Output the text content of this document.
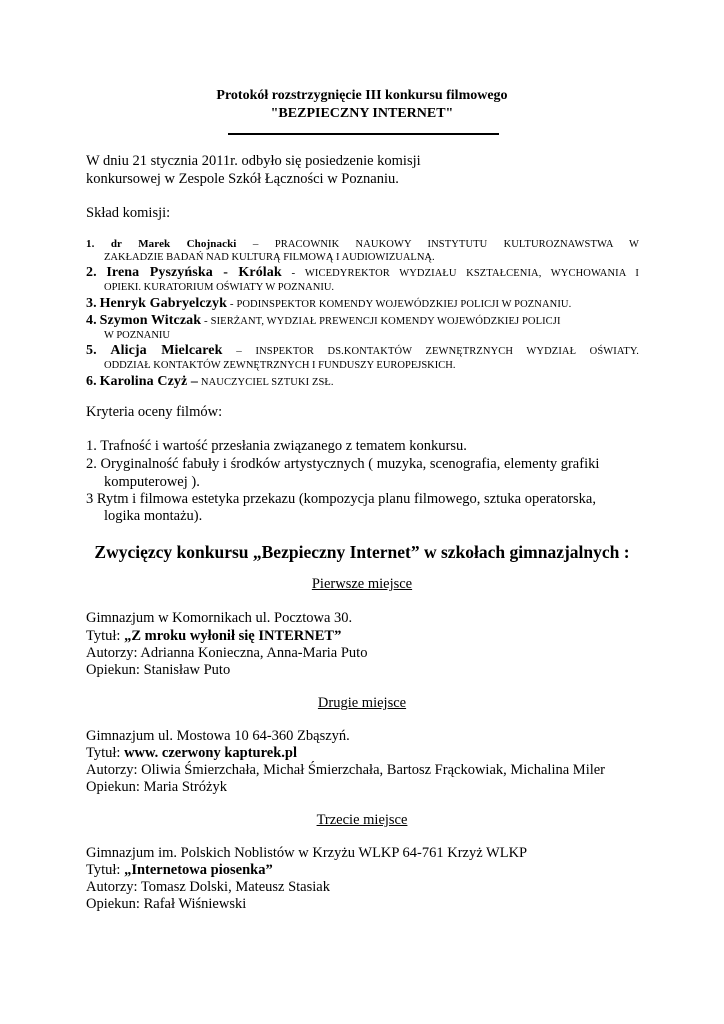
Protokół rozstrzygnięcie III konkursu filmowego

"BEZPIECZNY INTERNET"

W dniu 21 stycznia 2011r. odbyło się posiedzenie komisji

konkursowej w Zespole Szkół Łączności w Poznaniu.

Skład komisji:

1. dr Marek Chojnacki – PRACOWNIK NAUKOWY INSTYTUTU KULTUROZNAWSTWA W

ZAKŁADZIE BADAŃ NAD KULTURĄ FILMOWĄ I AUDIOWIZUALNĄ.

2. Irena Pyszyńska - Królak - WICEDYREKTOR WYDZIAŁU KSZTAŁCENIA, WYCHOWANIA I

OPIEKI. KURATORIUM OŚWIATY W POZNANIU.

3. Henryk Gabryelczyk - PODINSPEKTOR KOMENDY WOJEWÓDZKIEJ POLICJI W POZNANIU.

4. Szymon Witczak - SIERŻANT, WYDZIAŁ PREWENCJI KOMENDY WOJEWÓDZKIEJ POLICJI

W POZNANIU

5. Alicja Mielcarek – INSPEKTOR DS.KONTAKTÓW ZEWNĘTRZNYCH WYDZIAŁ OŚWIATY.

ODDZIAŁ KONTAKTÓW ZEWNĘTRZNYCH I FUNDUSZY EUROPEJSKICH.

6. Karolina Czyż – NAUCZYCIEL SZTUKI ZSŁ.

Kryteria oceny filmów:

1. Trafność i wartość przesłania związanego z tematem konkursu.

2. Oryginalność fabuły i środków artystycznych ( muzyka, scenografia, elementy grafiki

komputerowej ).

3 Rytm i filmowa estetyka przekazu (kompozycja planu filmowego, sztuka operatorska,

logika montażu).

Zwycięzcy konkursu „Bezpieczny Internet” w szkołach gimnazjalnych :

Pierwsze miejsce

Gimnazjum w Komornikach ul. Pocztowa 30.

Tytuł: „Z mroku wyłonił się INTERNET”

Autorzy: Adrianna Konieczna, Anna-Maria Puto

Opiekun: Stanisław Puto

Drugie miejsce

Gimnazjum ul. Mostowa 10 64-360 Zbąszyń.

Tytuł: www. czerwony kapturek.pl

Autorzy: Oliwia Śmierzchała, Michał Śmierzchała, Bartosz Frąckowiak, Michalina Miler

Opiekun: Maria Stróżyk

Trzecie miejsce

Gimnazjum im. Polskich Noblistów w Krzyżu WLKP 64-761 Krzyż WLKP

Tytuł: „Internetowa piosenka”

Autorzy: Tomasz Dolski, Mateusz Stasiak

Opiekun: Rafał Wiśniewski
